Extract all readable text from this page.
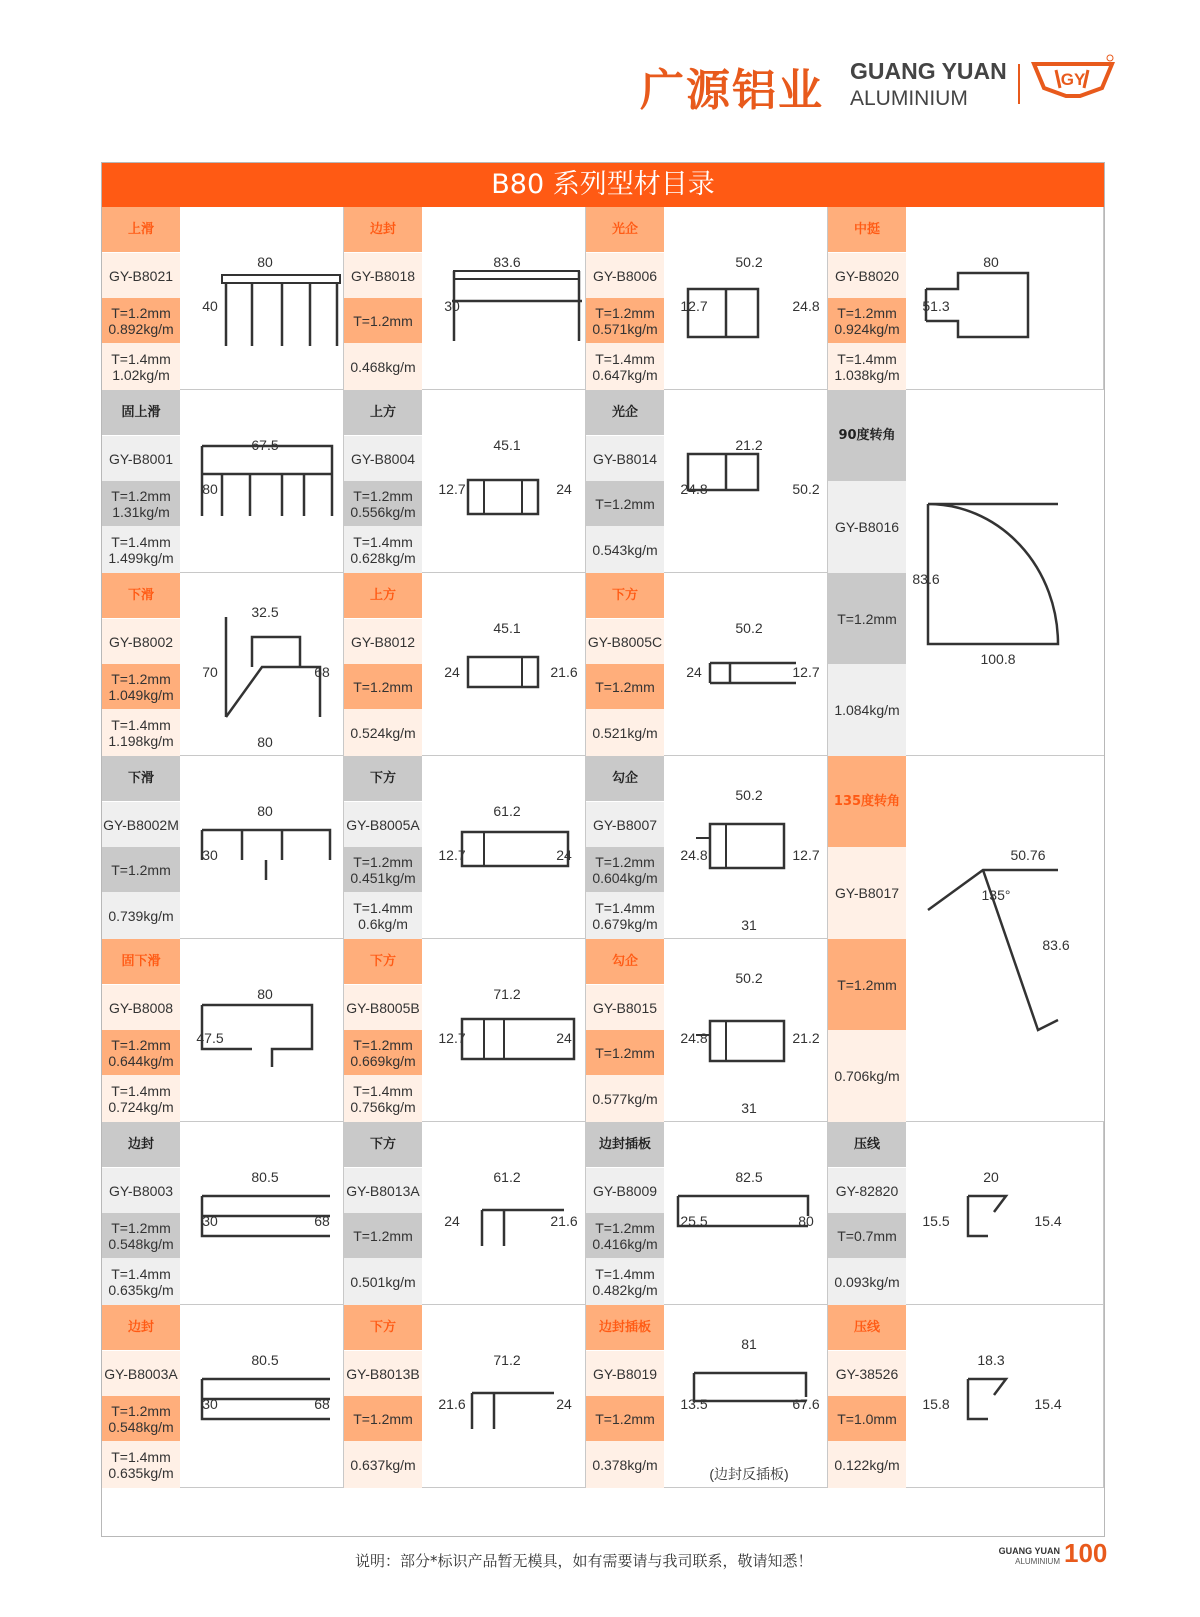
广源铝业 GUANG YUAN
ALUMINIUM
GY
B80 系列型材目录
上滑
GY-B8021
T=1.2mm
0.892kg/m
T=1.4mm
1.02kg/m
80
40
边封
GY-B8018
T=1.2mm
0.468kg/m
83.6
30
光企
GY-B8006
T=1.2mm
0.571kg/m
T=1.4mm
0.647kg/m
50.2
12.7	24.8
中挺
GY-B8020
T=1.2mm
0.924kg/m
T=1.4mm
1.038kg/m
80
51.3
固上滑
GY-B8001
T=1.2mm
1.31kg/m
T=1.4mm
1.499kg/m
67.5
80
上方
GY-B8004
T=1.2mm
0.556kg/m
T=1.4mm
0.628kg/m
45.1
12.7	24
光企
GY-B8014
T=1.2mm
0.543kg/m
21.2
24.8	50.2
下滑
GY-B8002
T=1.2mm
1.049kg/m
T=1.4mm
1.198kg/m
32.5
70	68
80
上方
GY-B8012
T=1.2mm
0.524kg/m
45.1
24	21.6
下方
GY-B8005C
T=1.2mm
0.521kg/m
50.2
24	12.7
下滑
GY-B8002M
T=1.2mm
0.739kg/m
80
30
下方
GY-B8005A
T=1.2mm
0.451kg/m
T=1.4mm
0.6kg/m
61.2
12.7	24
勾企
GY-B8007
T=1.2mm
0.604kg/m
T=1.4mm
0.679kg/m
50.2
24.8	12.7
31
固下滑
GY-B8008
T=1.2mm
0.644kg/m
T=1.4mm
0.724kg/m
80
47.5
下方
GY-B8005B
T=1.2mm
0.669kg/m
T=1.4mm
0.756kg/m
71.2
12.7	24
勾企
GY-B8015
T=1.2mm
0.577kg/m
50.2
24.8	21.2
31
边封
GY-B8003
T=1.2mm
0.548kg/m
T=1.4mm
0.635kg/m
80.5
30	68
下方
GY-B8013A
T=1.2mm
0.501kg/m
61.2
24	21.6
边封插板
GY-B8009
T=1.2mm
0.416kg/m
T=1.4mm
0.482kg/m
82.5
25.5	80
压线
GY-82820
T=0.7mm
0.093kg/m
20
15.5	15.4
边封
GY-B8003A
T=1.2mm
0.548kg/m
T=1.4mm
0.635kg/m
80.5
30	68
下方
GY-B8013B
T=1.2mm
0.637kg/m
71.2
21.6	24
边封插板
GY-B8019
T=1.2mm
0.378kg/m
81
13.5	67.6
(边封反插板)
压线
GY-38526
T=1.0mm
0.122kg/m
18.3
15.8	15.4
90度转角
GY-B8016
T=1.2mm
1.084kg/m
83.6
100.8
135度转角
GY-B8017
T=1.2mm
0.706kg/m
50.76
135°
83.6
说明：部分*标识产品暂无模具，如有需要请与我司联系，敬请知悉！
GUANG YUAN
ALUMINIUM 100
